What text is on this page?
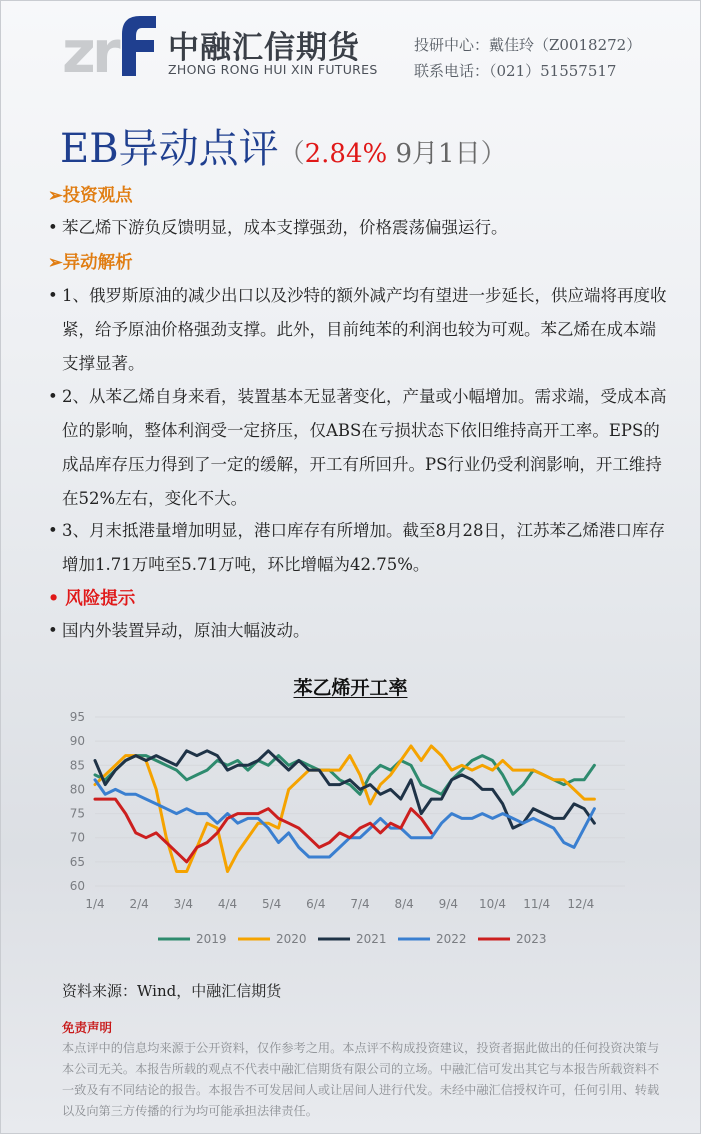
z
r 中融汇信期货
ZHONG RONG HUI XIN FUTURES
投研中心：戴佳玲（Z0018272）
联系电话：（021）51557517
EB异动点评（2.84% 9月1日）
➢投资观点
• 苯乙烯下游负反馈明显，成本支撑强劲，价格震荡偏强运行。
➢异动解析
• 1、俄罗斯原油的减少出口以及沙特的额外减产均有望进一步延长，供应端将再度收紧，给予原油价格强劲支撑。此外，目前纯苯的利润也较为可观。苯乙烯在成本端支撑显著。
• 2、从苯乙烯自身来看，装置基本无显著变化，产量或小幅增加。需求端，受成本高位的影响，整体利润受一定挤压，仅ABS在亏损状态下依旧维持高开工率。EPS的成品库存压力得到了一定的缓解，开工有所回升。PS行业仍受利润影响，开工维持在52%左右，变化不大。
• 3、月末抵港量增加明显，港口库存有所增加。截至8月28日，江苏苯乙烯港口库存增加1.71万吨至5.71万吨，环比增幅为42.75%。
• 风险提示
• 国内外装置异动，原油大幅波动。
苯乙烯开工率
60
65
70
75
80
85
90
95
1/4 2/4 3/4 4/4 5/4 6/4 7/4 8/4 9/4 10/4 11/4 12/4
2019	2020	2021	2022	2023
资料来源：Wind，中融汇信期货
免责声明
本点评中的信息均来源于公开资料，仅作参考之用。本点评不构成投资建议，投资者据此做出的任何投资决策与本公司无关。本报告所载的观点不代表中融汇信期货有限公司的立场。中融汇信可发出其它与本报告所载资料不一致及有不同结论的报告。本报告不可发居间人或让居间人进行代发。未经中融汇信授权许可，任何引用、转载以及向第三方传播的行为均可能承担法律责任。
